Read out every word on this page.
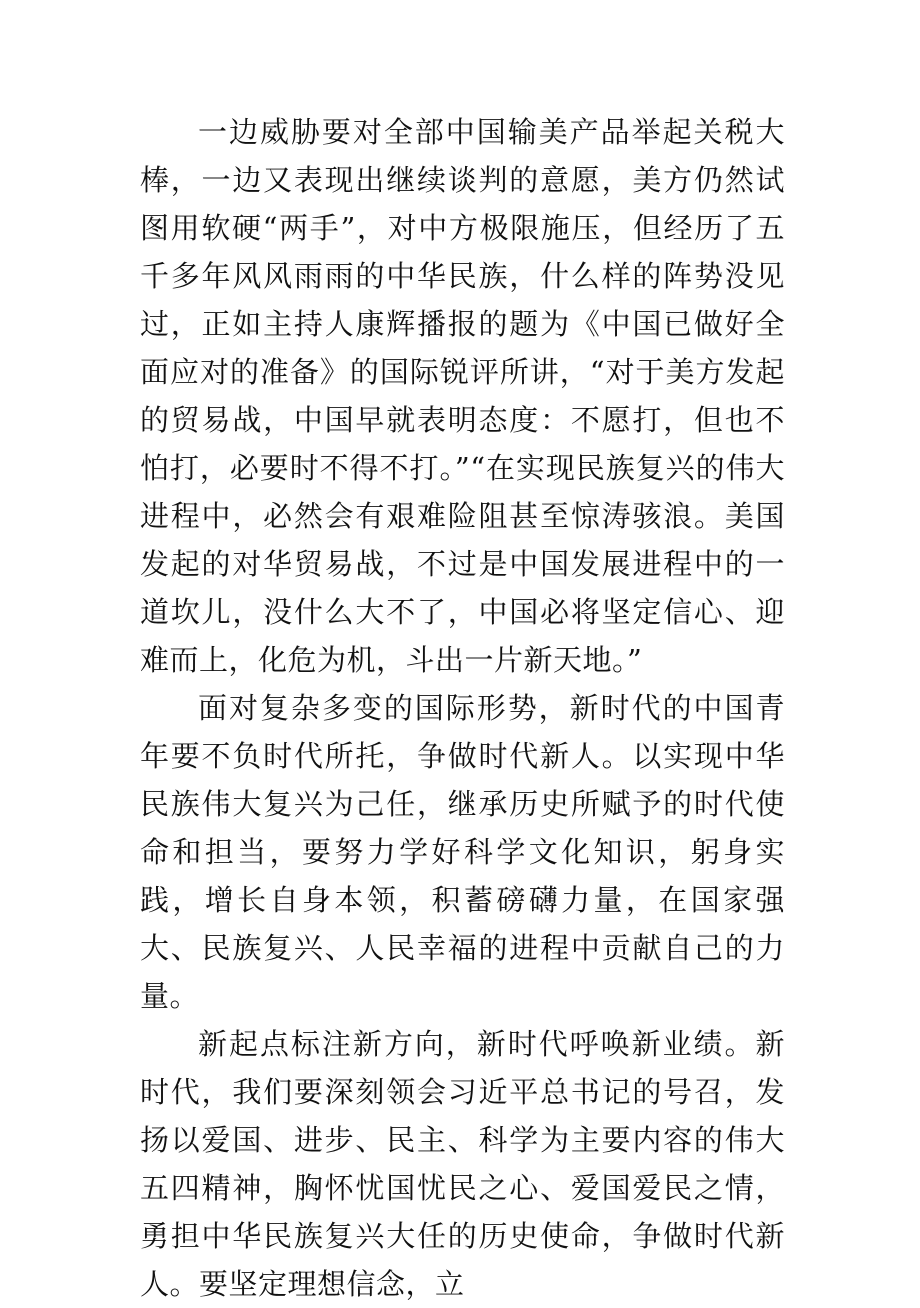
一边威胁要对全部中国输美产品举起关税大棒，一边又表现出继续谈判的意愿，美方仍然试图用软硬“两手”，对中方极限施压，但经历了五千多年风风雨雨的中华民族，什么样的阵势没见过，正如主持人康辉播报的题为《中国已做好全面应对的准备》的国际锐评所讲，“对于美方发起的贸易战，中国早就表明态度：不愿打，但也不怕打，必要时不得不打。”“在实现民族复兴的伟大进程中，必然会有艰难险阻甚至惊涛骇浪。美国发起的对华贸易战，不过是中国发展进程中的一道坎儿，没什么大不了，中国必将坚定信心、迎难而上，化危为机，斗出一片新天地。”

面对复杂多变的国际形势，新时代的中国青年要不负时代所托，争做时代新人。以实现中华民族伟大复兴为己任，继承历史所赋予的时代使命和担当，要努力学好科学文化知识，躬身实践，增长自身本领，积蓄磅礴力量，在国家强大、民族复兴、人民幸福的进程中贡献自己的力量。

新起点标注新方向，新时代呼唤新业绩。新时代，我们要深刻领会习近平总书记的号召，发扬以爱国、进步、民主、科学为主要内容的伟大五四精神，胸怀忧国忧民之心、爱国爱民之情，勇担中华民族复兴大任的历史使命，争做时代新人。要坚定理想信念，立
